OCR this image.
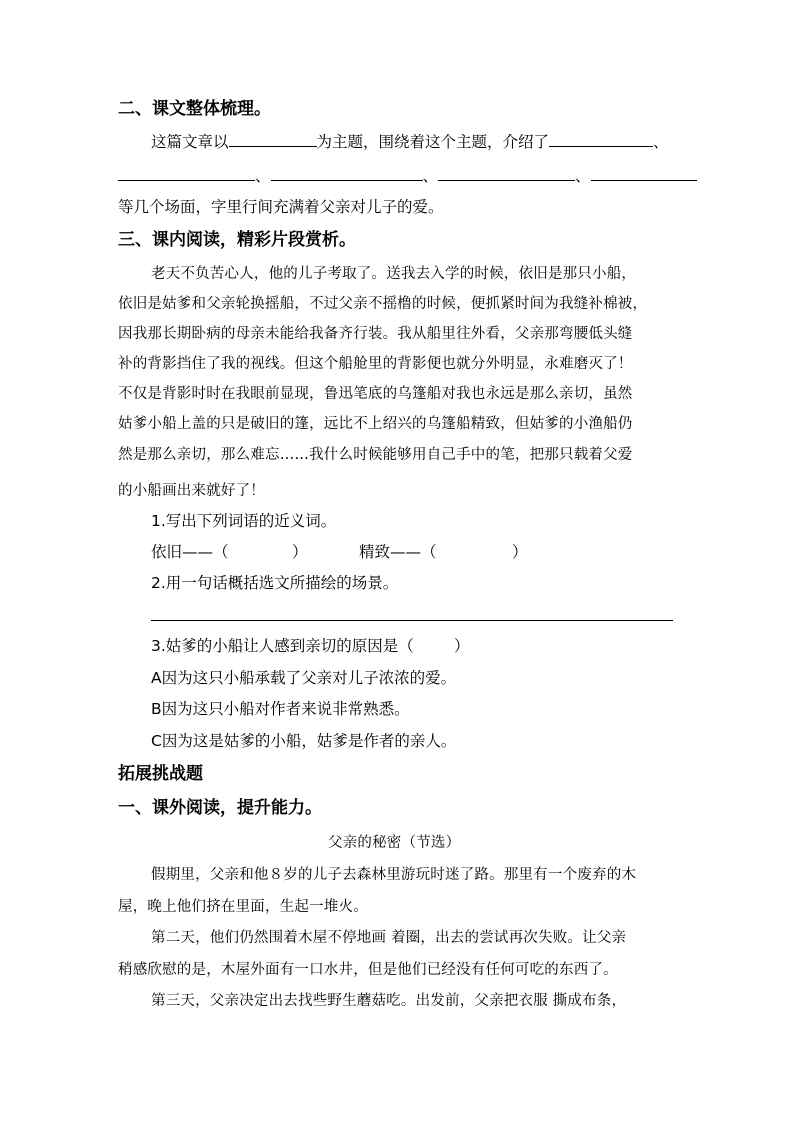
二、课文整体梳理。
这篇文章以	为主题，围绕着这个主题，介绍了	、
、	、	、
等几个场面，字里行间充满着父亲对儿子的爱。
三、课内阅读，精彩片段赏析。
老天不负苦心人，他的儿子考取了。送我去入学的时候，依旧是那只小船，
依旧是姑爹和父亲轮换摇船，不过父亲不摇橹的时候，便抓紧时间为我缝补棉被，
因我那长期卧病的母亲未能给我备齐行装。我从船里往外看，父亲那弯腰低头缝
补的背影挡住了我的视线。但这个船舱里的背影便也就分外明显，永难磨灭了！
不仅是背影时时在我眼前显现，鲁迅笔底的乌篷船对我也永远是那么亲切，虽然
姑爹小船上盖的只是破旧的篷，远比不上绍兴的乌篷船精致，但姑爹的小渔船仍
然是那么亲切，那么难忘……我什么时候能够用自己手中的笔，把那只载着父爱
的小船画出来就好了！
1.写出下列词语的近义词。
依旧——（	）	精致——（	）
2.用一句话概括选文所描绘的场景。
3.姑爹的小船让人感到亲切的原因是（	）
A因为这只小船承载了父亲对儿子浓浓的爱。
B因为这只小船对作者来说非常熟悉。
C因为这是姑爹的小船，姑爹是作者的亲人。
拓展挑战题
一、课外阅读，提升能力。
父亲的秘密（节选）
假期里，父亲和他８岁的儿子去森林里游玩时迷了路。那里有一个废弃的木
屋，晚上他们挤在里面，生起一堆火。
第二天，他们仍然围着木屋不停地画 着圈，出去的尝试再次失败。让父亲
稍感欣慰的是，木屋外面有一口水井，但是他们已经没有任何可吃的东西了。
第三天，父亲决定出去找些野生蘑菇吃。出发前，父亲把衣服 撕成布条，
